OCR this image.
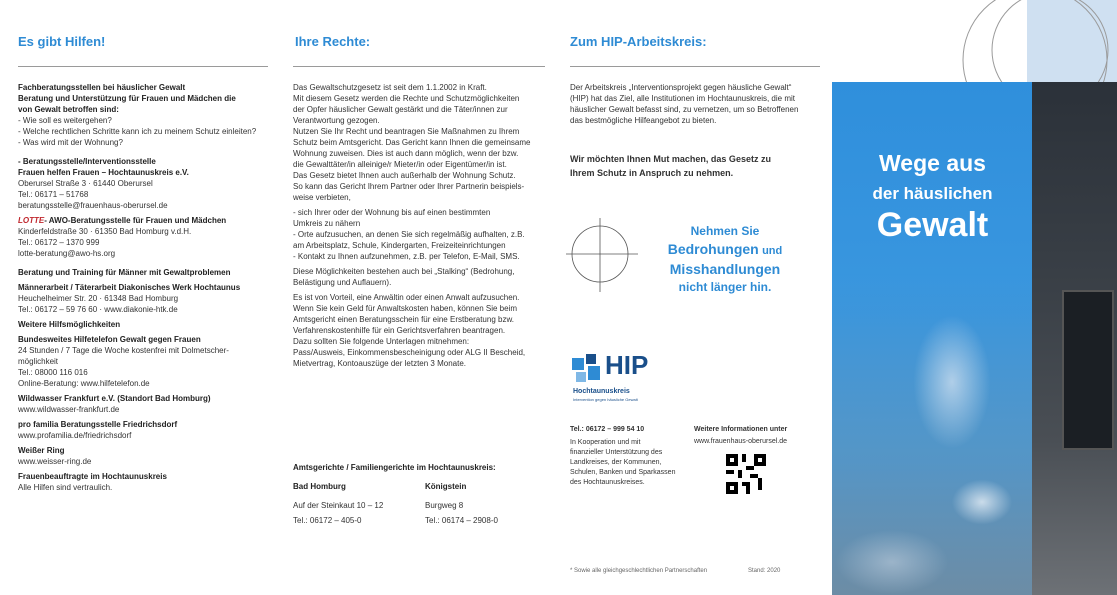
Es gibt Hilfen!	Ihre Rechte:	Zum HIP-Arbeitskreis:

Fachberatungsstellen bei häuslicher Gewalt

Beratung und Unterstützung für Frauen und Mädchen die

von Gewalt betroffen sind:

- Wie soll es weitergehen?

- Welche rechtlichen Schritte kann ich zu meinem Schutz einleiten?

- Was wird mit der Wohnung?

- Beratungsstelle/Interventionsstelle

Frauen helfen Frauen – Hochtaunuskreis e.V.

Oberursel Straße 3 · 61440 Oberursel

Tel.: 06171 – 51768

beratungsstelle@frauenhaus-oberursel.de

LOTTE- AWO-Beratungsstelle für Frauen und Mädchen

Kinderfeldstraße 30 · 61350 Bad Homburg v.d.H.

Tel.: 06172 – 1370 999

lotte-beratung@awo-hs.org

Beratung und Training für Männer mit Gewaltproblemen

Männerarbeit / Täterarbeit Diakonisches Werk Hochtaunus

Heuchelheimer Str. 20 · 61348 Bad Homburg

Tel.: 06172 – 59 76 60 · www.diakonie-htk.de

Weitere Hilfsmöglichkeiten

Bundesweites Hilfetelefon Gewalt gegen Frauen

24 Stunden / 7 Tage die Woche kostenfrei mit Dolmetscher-

möglichkeit

Tel.: 08000 116 016

Online-Beratung: www.hilfetelefon.de

Wildwasser Frankfurt e.V. (Standort Bad Homburg)

www.wildwasser-frankfurt.de

pro familia Beratungsstelle Friedrichsdorf

www.profamilia.de/friedrichsdorf

Weißer Ring

www.weisser-ring.de

Frauenbeauftragte im Hochtaunuskreis

Alle Hilfen sind vertraulich.

Das Gewaltschutzgesetz ist seit dem 1.1.2002 in Kraft.

Mit diesem Gesetz werden die Rechte und Schutzmöglichkeiten

der Opfer häuslicher Gewalt gestärkt und die Täter/innen zur

Verantwortung gezogen.

Nutzen Sie Ihr Recht und beantragen Sie Maßnahmen zu Ihrem

Schutz beim Amtsgericht. Das Gericht kann Ihnen die gemeinsame

Wohnung zuweisen. Dies ist auch dann möglich, wenn der bzw.

die Gewalttäter/in alleinige/r Mieter/in oder Eigentümer/in ist.

Das Gesetz bietet Ihnen auch außerhalb der Wohnung Schutz.

So kann das Gericht Ihrem Partner oder Ihrer Partnerin beispiels-

weise verbieten,

- sich Ihrer oder der Wohnung bis auf einen bestimmten

Umkreis zu nähern

- Orte aufzusuchen, an denen Sie sich regelmäßig aufhalten, z.B.

am Arbeitsplatz, Schule, Kindergarten, Freizeiteinrichtungen

- Kontakt zu Ihnen aufzunehmen, z.B. per Telefon, E-Mail, SMS.

Diese Möglichkeiten bestehen auch bei „Stalking“ (Bedrohung,

Belästigung und Auflauern).

Es ist von Vorteil, eine Anwältin oder einen Anwalt aufzusuchen.

Wenn Sie kein Geld für Anwaltskosten haben, können Sie beim

Amtsgericht einen Beratungsschein für eine Erstberatung bzw.

Verfahrenskostenhilfe für ein Gerichtsverfahren beantragen.

Dazu sollten Sie folgende Unterlagen mitnehmen:

Pass/Ausweis, Einkommensbescheinigung oder ALG II Bescheid,

Mietvertrag, Kontoauszüge der letzten 3 Monate.

Amtsgerichte / Familiengerichte im Hochtaunuskreis:

Bad Homburg

Auf der Steinkaut 10 – 12

Tel.: 06172 – 405-0

Königstein

Burgweg 8

Tel.: 06174 – 2908-0

Der Arbeitskreis „Interventionsprojekt gegen häusliche Gewalt“

(HIP) hat das Ziel, alle Institutionen im Hochtaunuskreis, die mit

häuslicher Gewalt befasst sind, zu vernetzen, um so Betroffenen

das bestmögliche Hilfeangebot zu bieten.

Wir möchten Ihnen Mut machen, das Gesetz zu

Ihrem Schutz in Anspruch zu nehmen.

Nehmen Sie
Bedrohungen und
Misshandlungen
nicht länger hin.
HIP
Hochtaunuskreis
Intervention gegen häusliche Gewalt
Tel.: 06172 – 999 54 10

In Kooperation und mit

finanzieller Unterstützung des

Landkreises, der Kommunen,

Schulen, Banken und Sparkassen

des Hochtaunuskreises.

Weitere Informationen unter
www.frauenhaus-oberursel.de
* Sowie alle gleichgeschlechtlichen Partnerschaften	Stand: 2020
Wege aus
der häuslichen
Gewalt
